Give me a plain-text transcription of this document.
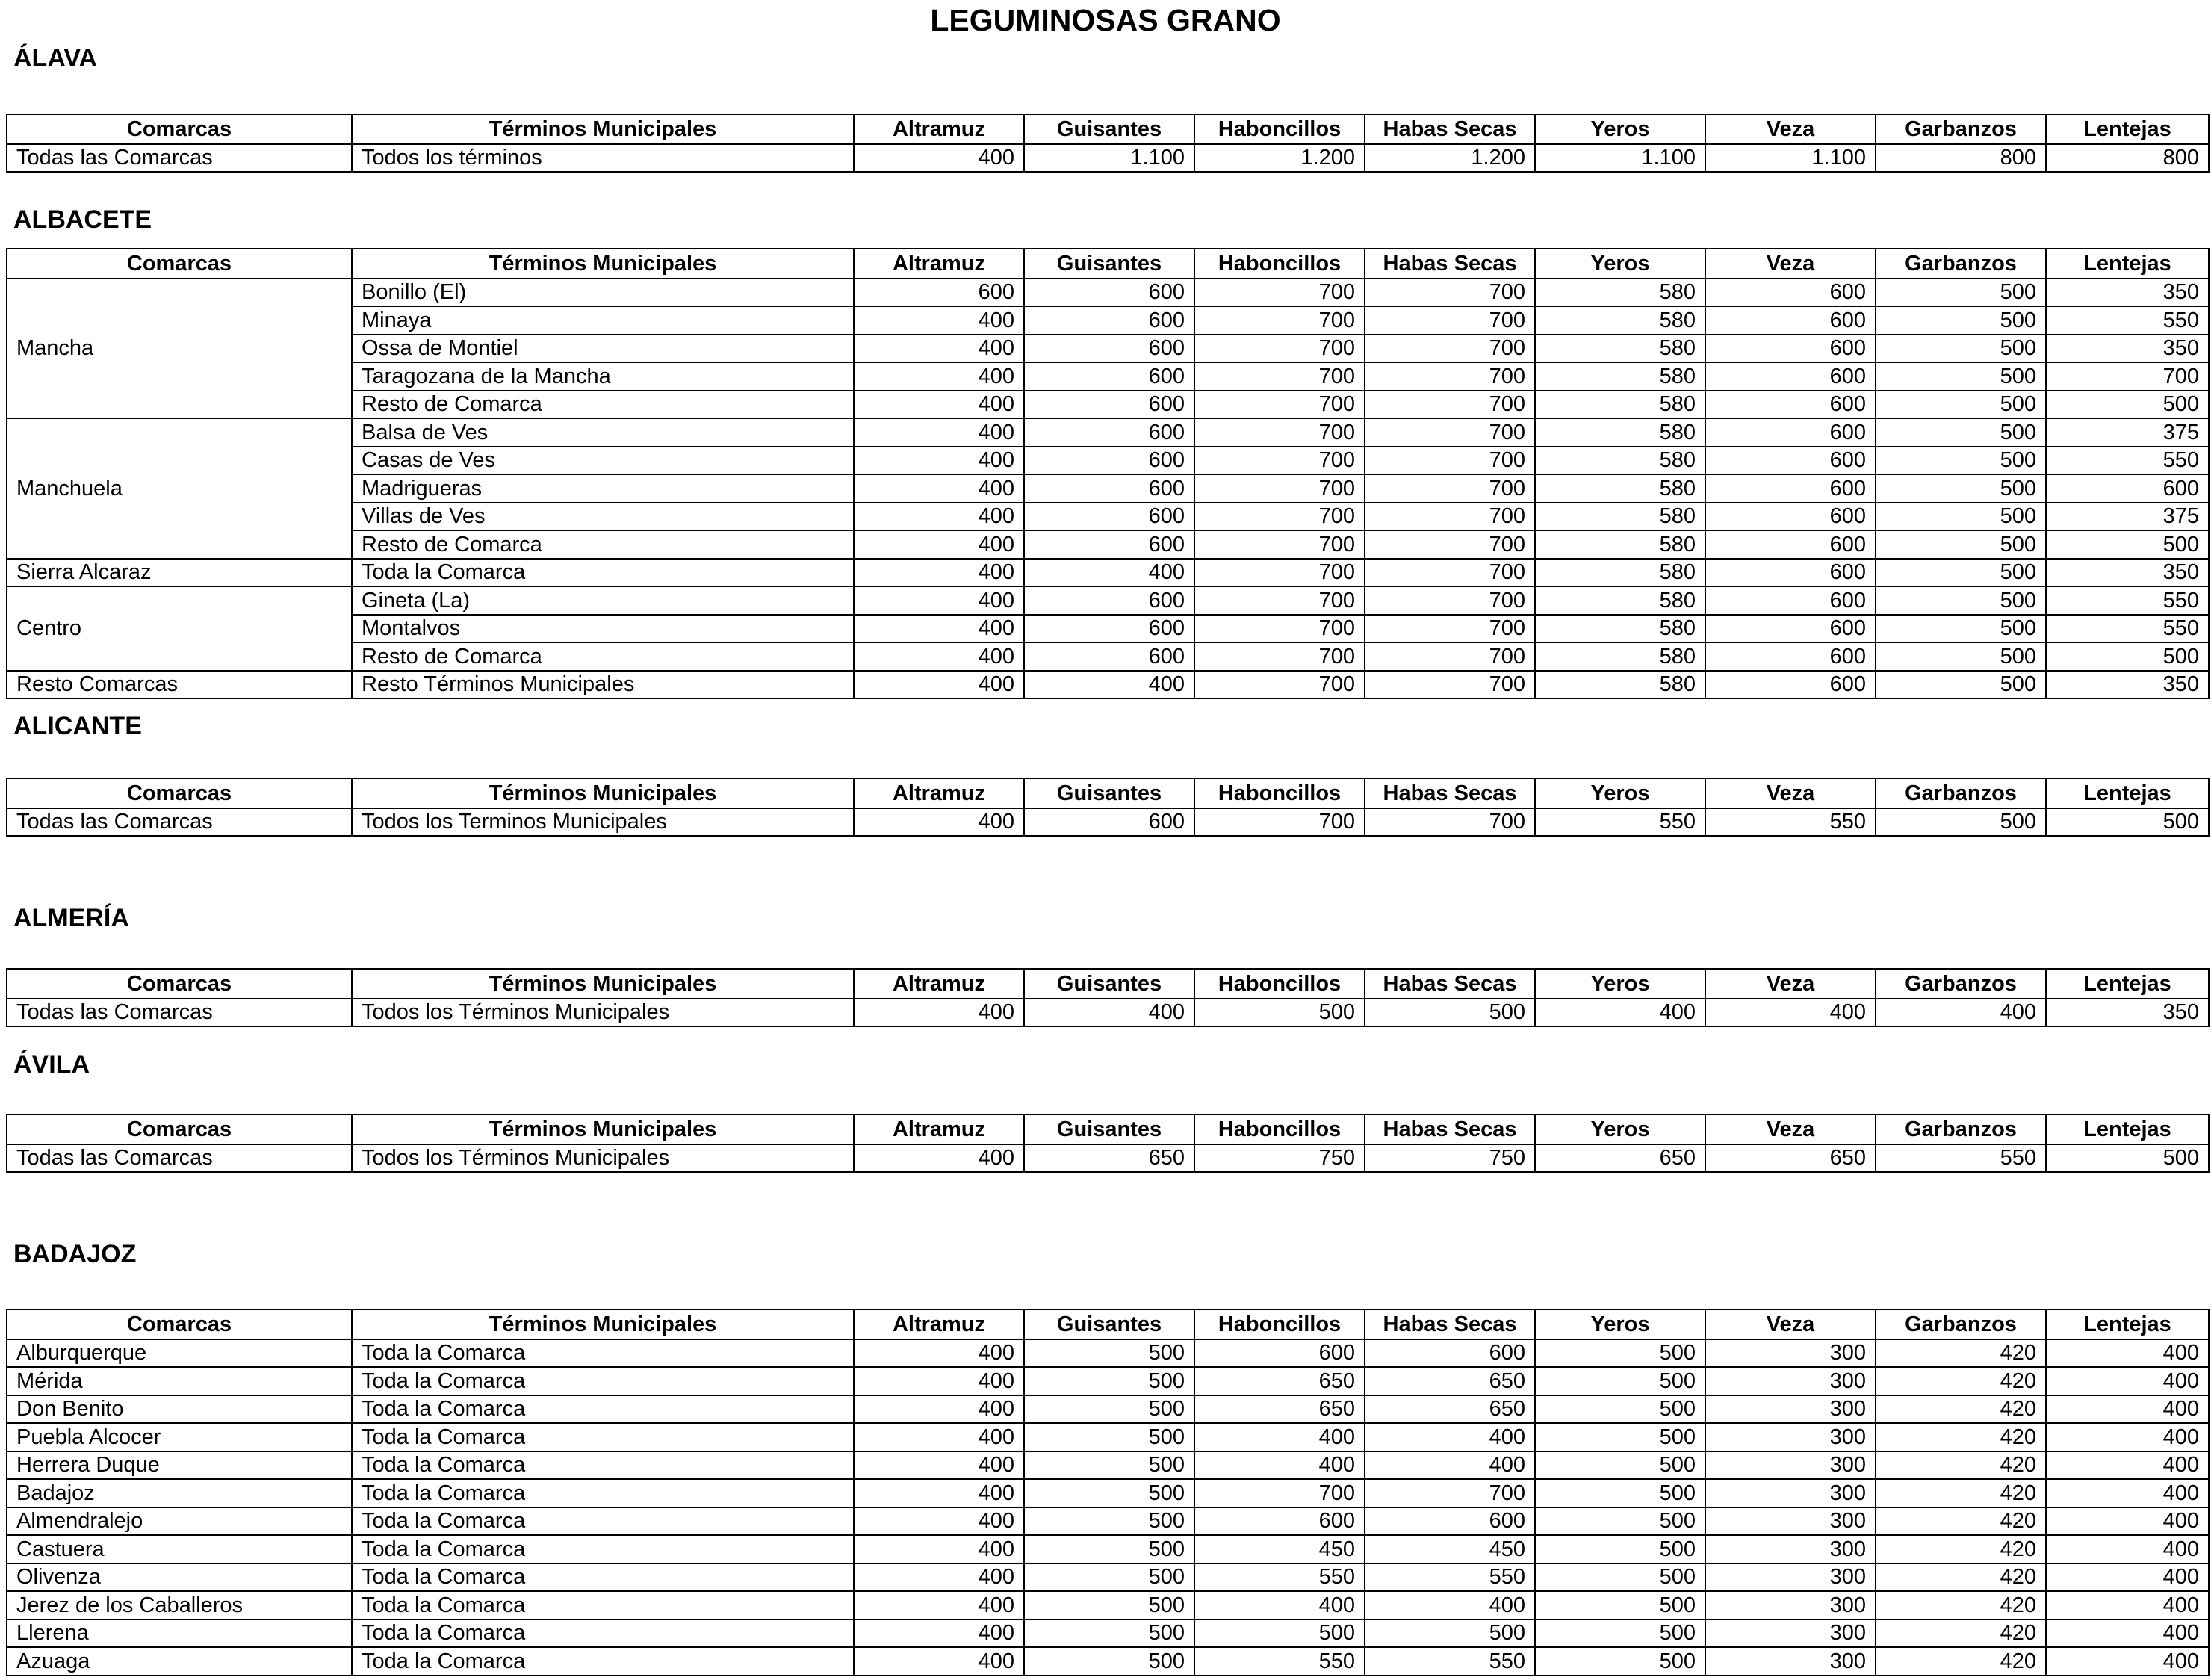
LEGUMINOSAS GRANO
ÁLAVA
Comarcas	Términos Municipales	Altramuz	Guisantes	Haboncillos	Habas Secas	Yeros	Veza	Garbanzos	Lentejas
Todas las Comarcas	Todos los términos	400	1.100	1.200	1.200	1.100	1.100	800	800
ALBACETE
Comarcas	Términos Municipales	Altramuz	Guisantes	Haboncillos	Habas Secas	Yeros	Veza	Garbanzos	Lentejas
Mancha	Bonillo (El)	600	600	700	700	580	600	500	350
	Minaya	400	600	700	700	580	600	500	550
	Ossa de Montiel	400	600	700	700	580	600	500	350
	Taragozana de la Mancha	400	600	700	700	580	600	500	700
	Resto de Comarca	400	600	700	700	580	600	500	500
Manchuela	Balsa de Ves	400	600	700	700	580	600	500	375
	Casas de Ves	400	600	700	700	580	600	500	550
	Madrigueras	400	600	700	700	580	600	500	600
	Villas de Ves	400	600	700	700	580	600	500	375
	Resto de Comarca	400	600	700	700	580	600	500	500
Sierra Alcaraz	Toda la Comarca	400	400	700	700	580	600	500	350
Centro	Gineta (La)	400	600	700	700	580	600	500	550
	Montalvos	400	600	700	700	580	600	500	550
	Resto de Comarca	400	600	700	700	580	600	500	500
Resto Comarcas	Resto Términos Municipales	400	400	700	700	580	600	500	350
ALICANTE
Comarcas	Términos Municipales	Altramuz	Guisantes	Haboncillos	Habas Secas	Yeros	Veza	Garbanzos	Lentejas
Todas las Comarcas	Todos los Terminos Municipales	400	600	700	700	550	550	500	500
ALMERÍA
Comarcas	Términos Municipales	Altramuz	Guisantes	Haboncillos	Habas Secas	Yeros	Veza	Garbanzos	Lentejas
Todas las Comarcas	Todos los Términos Municipales	400	400	500	500	400	400	400	350
ÁVILA
Comarcas	Términos Municipales	Altramuz	Guisantes	Haboncillos	Habas Secas	Yeros	Veza	Garbanzos	Lentejas
Todas las Comarcas	Todos los Términos Municipales	400	650	750	750	650	650	550	500
BADAJOZ
Comarcas	Términos Municipales	Altramuz	Guisantes	Haboncillos	Habas Secas	Yeros	Veza	Garbanzos	Lentejas
Alburquerque	Toda la Comarca	400	500	600	600	500	300	420	400
Mérida	Toda la Comarca	400	500	650	650	500	300	420	400
Don Benito	Toda la Comarca	400	500	650	650	500	300	420	400
Puebla Alcocer	Toda la Comarca	400	500	400	400	500	300	420	400
Herrera Duque	Toda la Comarca	400	500	400	400	500	300	420	400
Badajoz	Toda la Comarca	400	500	700	700	500	300	420	400
Almendralejo	Toda la Comarca	400	500	600	600	500	300	420	400
Castuera	Toda la Comarca	400	500	450	450	500	300	420	400
Olivenza	Toda la Comarca	400	500	550	550	500	300	420	400
Jerez de los Caballeros	Toda la Comarca	400	500	400	400	500	300	420	400
Llerena	Toda la Comarca	400	500	500	500	500	300	420	400
Azuaga	Toda la Comarca	400	500	550	550	500	300	420	400
